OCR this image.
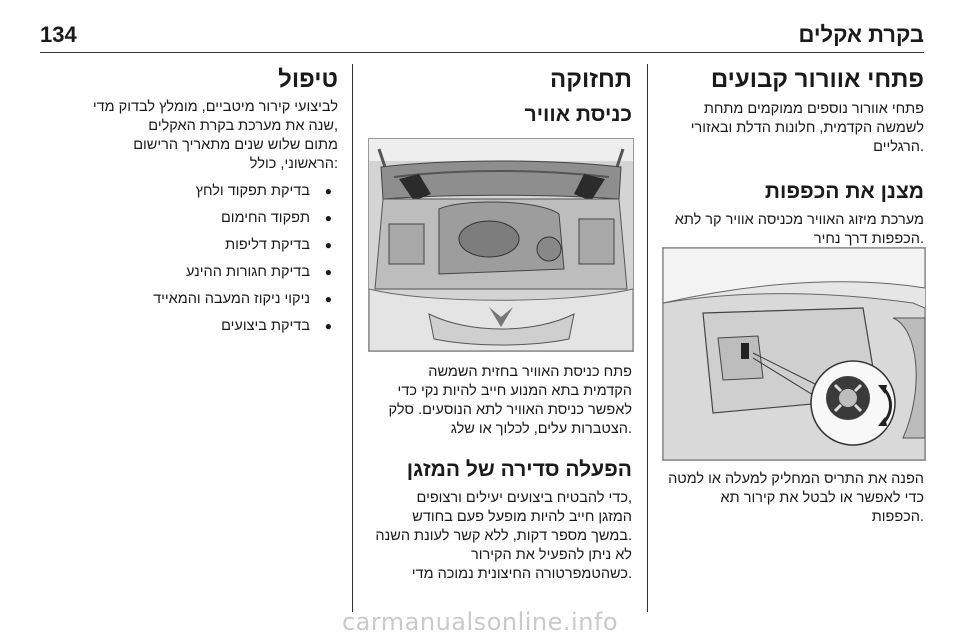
134	בקרת אקלים
פתחי אוורור קבועים

פתחי אוורור נוספים ממוקמים מתחת

לשמשה הקדמית, חלונות הדלת ובאזורי

.הרגליים

מצנן את הכפפות

מערכת מיזוג האוויר מכניסה אוויר קר לתא

.הכפפות דרך נחיר

הפנה את התריס המחליק למעלה או למטה

כדי לאפשר או לבטל את קירור תא

.הכפפות

תחזוקה
כניסת אוויר

פתח כניסת האוויר בחזית השמשה

הקדמית בתא המנוע חייב להיות נקי כדי

לאפשר כניסת האוויר לתא הנוסעים. סלק

.הצטברות עלים, לכלוך או שלג

הפעלה סדירה של המזגן

,כדי להבטיח ביצועים יעילים ורצופים

המזגן חייב להיות מופעל פעם בחודש

.במשך מספר דקות, ללא קשר לעונת השנה

לא ניתן להפעיל את הקירור

.כשהטמפרטורה החיצונית נמוכה מדי

טיפול

לביצועי קירור מיטביים, מומלץ לבדוק מדי

,שנה את מערכת בקרת האקלים

מתום שלוש שנים מתאריך הרישום

:הראשוני, כולל

●
בדיקת תפקוד ולחץ
●
תפקוד החימום
●
בדיקת דליפות
●
בדיקת חגורות ההינע
●
ניקוי ניקוז המעבה והמאייד
●
בדיקת ביצועים
carmanualsonline.info
